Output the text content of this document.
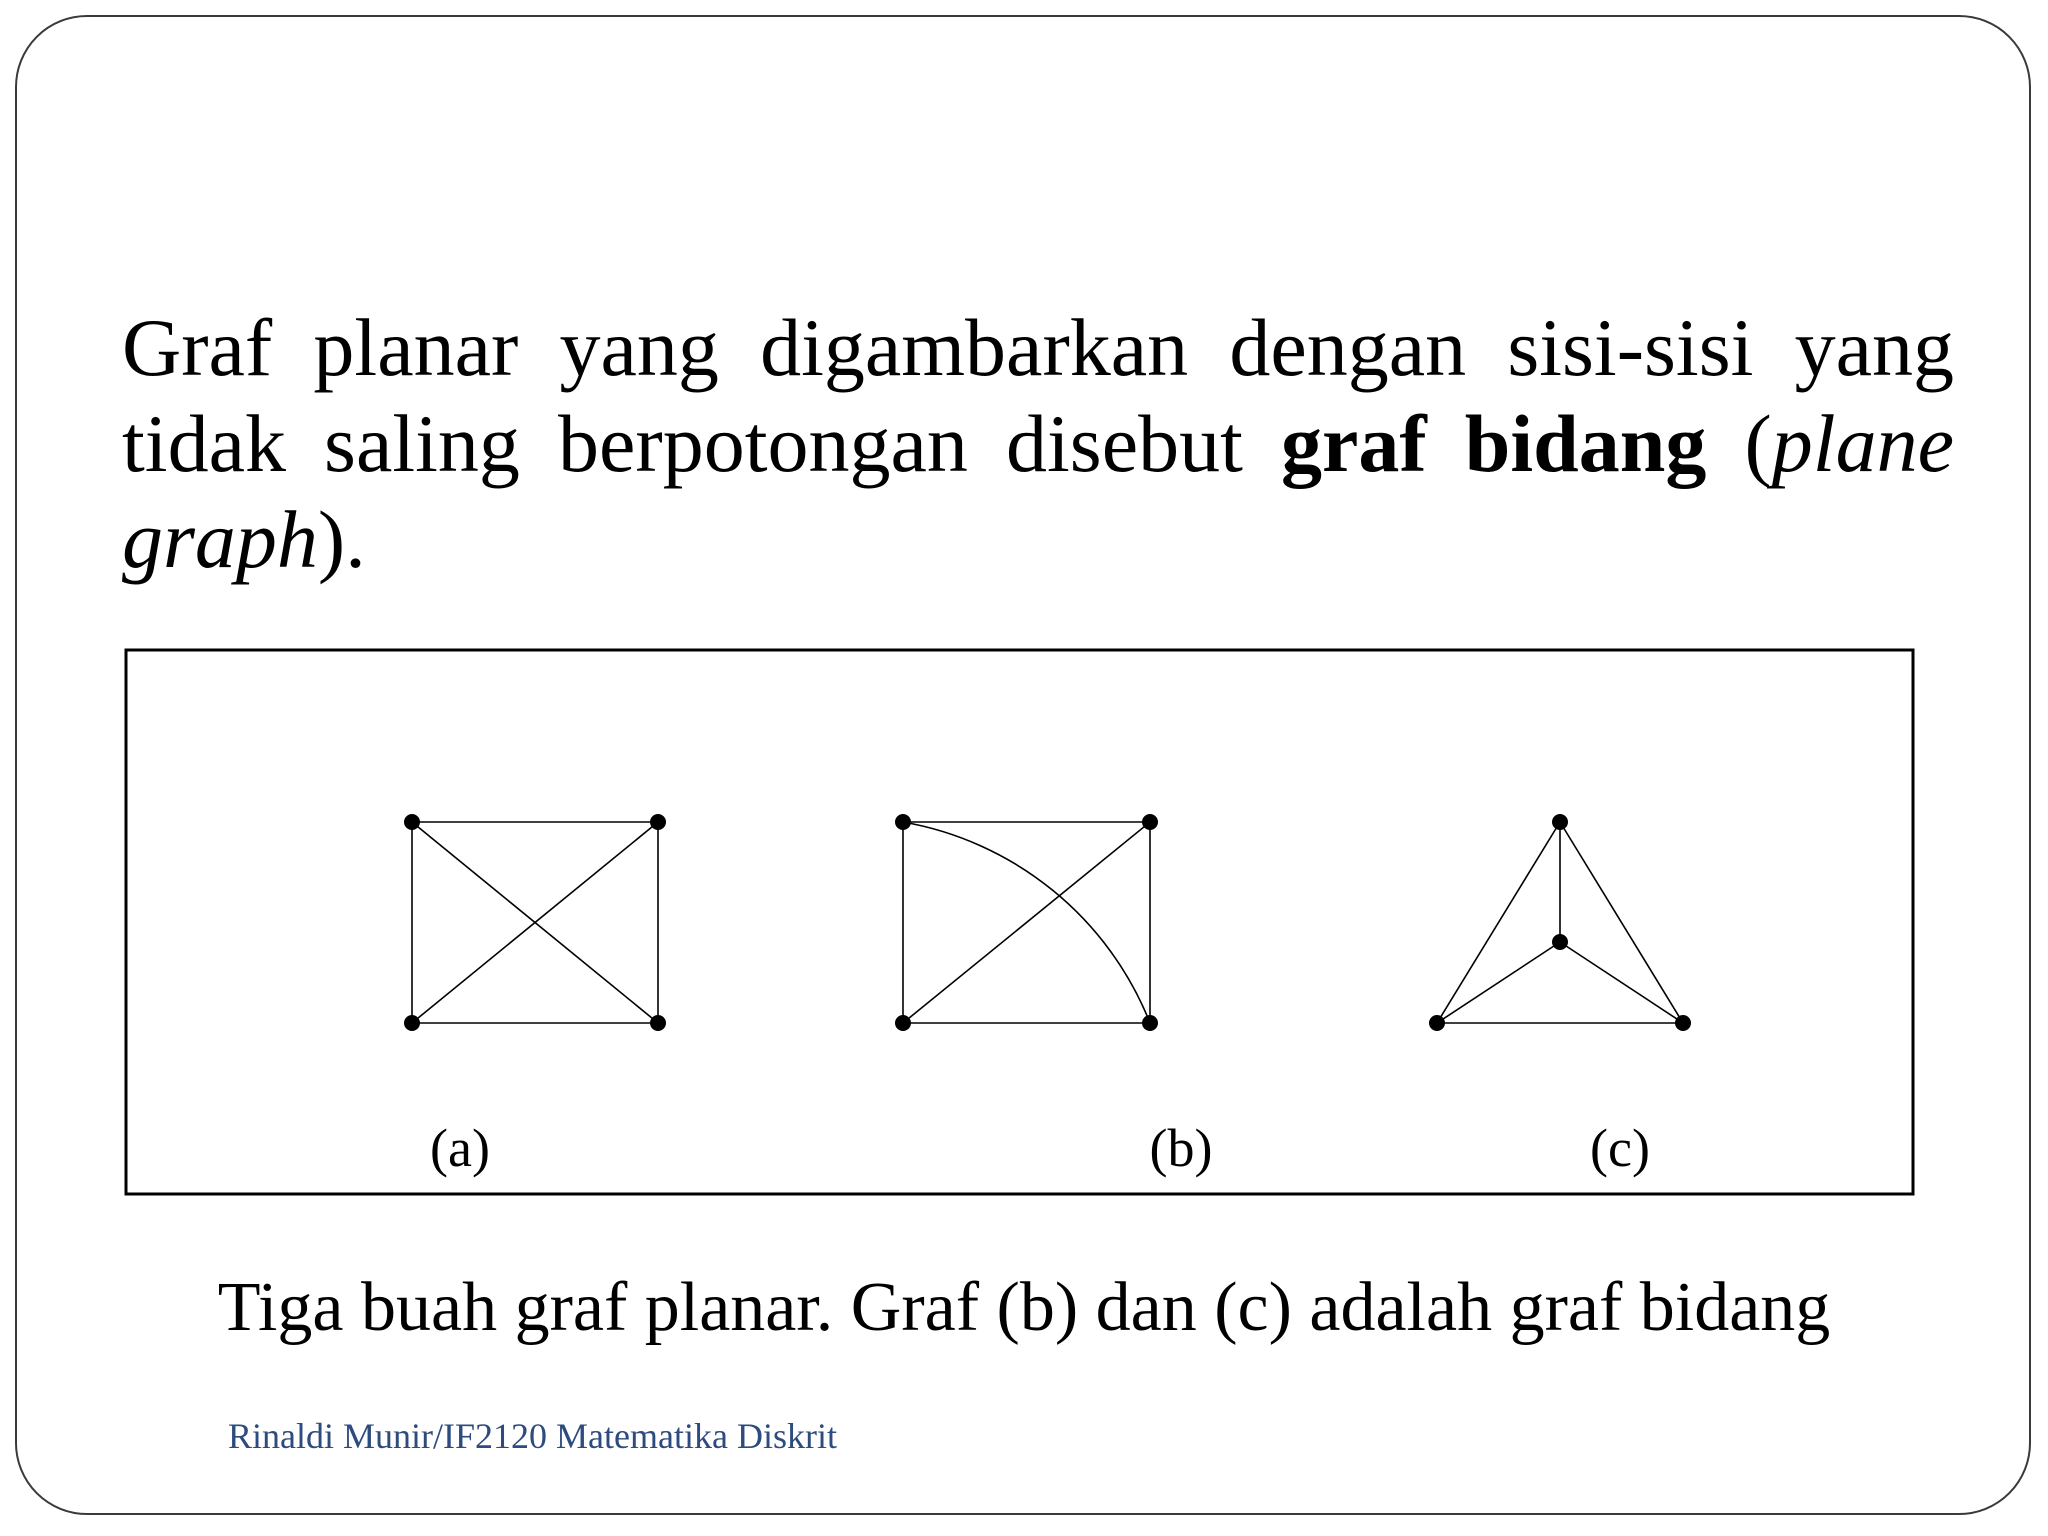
Graf planar yang digambarkan dengan sisi-sisi yang tidak saling berpotongan disebut graf bidang (plane graph).

(a)	(b)	(c)

Tiga buah graf planar. Graf (b) dan (c) adalah graf bidang

Rinaldi Munir/IF2120 Matematika Diskrit
